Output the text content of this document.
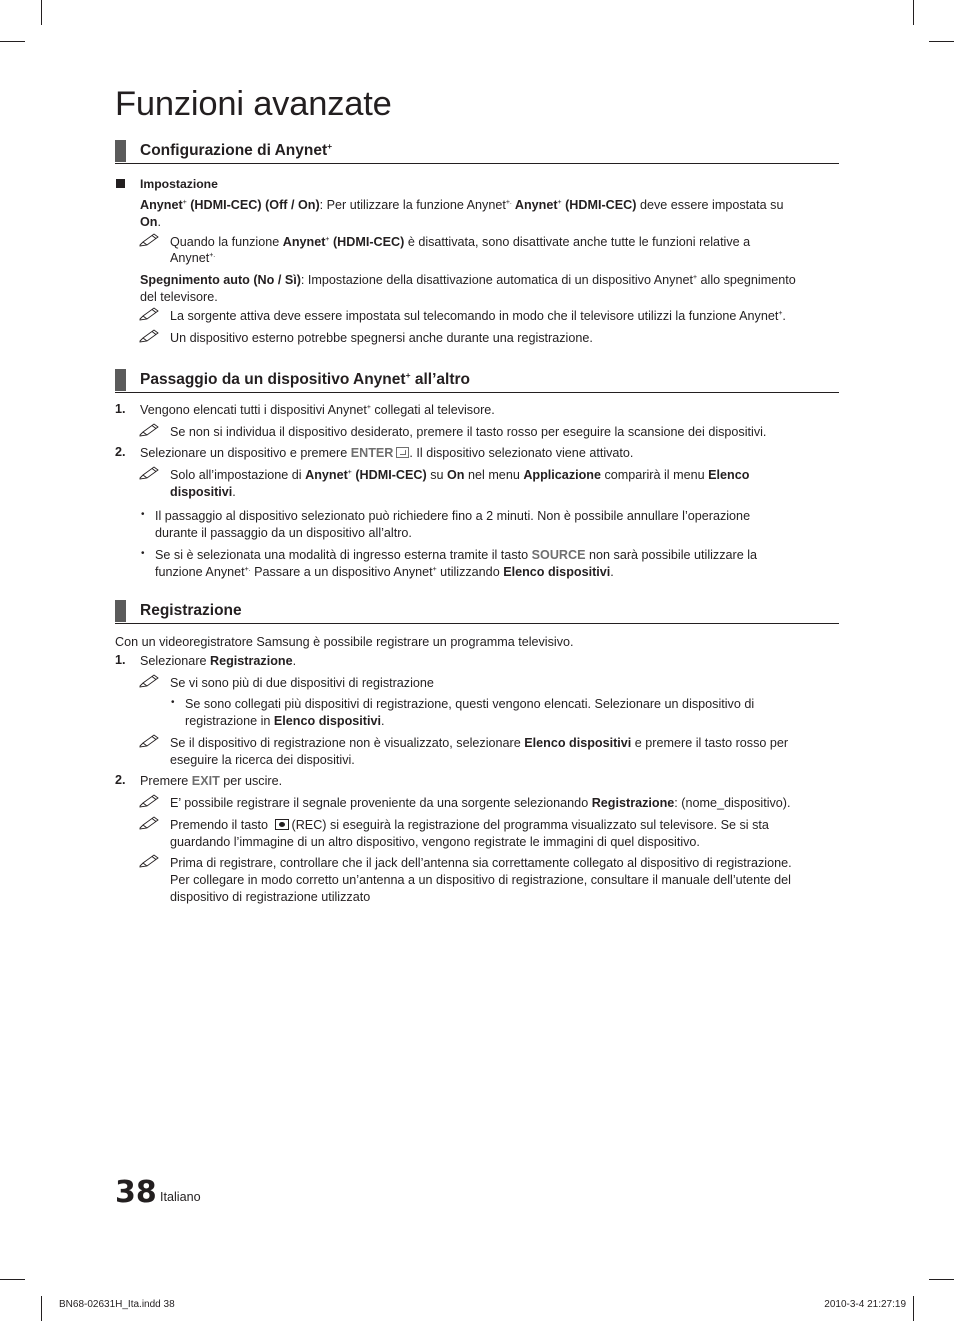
Funzioni avanzate
Configurazione di Anynet+
Impostazione
Anynet+ (HDMI-CEC) (Off / On): Per utilizzare la funzione Anynet+. Anynet+ (HDMI-CEC) deve essere impostata su
On.
Quando la funzione Anynet+ (HDMI-CEC) è disattivata, sono disattivate anche tutte le funzioni relative a
Anynet+.
Spegnimento auto (No / Sì): Impostazione della disattivazione automatica di un dispositivo Anynet+ allo spegnimento
del televisore.
La sorgente attiva deve essere impostata sul telecomando in modo che il televisore utilizzi la funzione Anynet+.
Un dispositivo esterno potrebbe spegnersi anche durante una registrazione.
Passaggio da un dispositivo Anynet+ all’altro
1. Vengono elencati tutti i dispositivi Anynet+ collegati al televisore.
Se non si individua il dispositivo desiderato, premere il tasto rosso per eseguire la scansione dei dispositivi.
2. Selezionare un dispositivo e premere ENTER . Il dispositivo selezionato viene attivato.
Solo all’impostazione di Anynet+ (HDMI-CEC) su On nel menu Applicazione comparirà il menu Elenco
dispositivi.
• Il passaggio al dispositivo selezionato può richiedere fino a 2 minuti. Non è possibile annullare l’operazione
durante il passaggio da un dispositivo all’altro.
• Se si è selezionata una modalità di ingresso esterna tramite il tasto SOURCE non sarà possibile utilizzare la
funzione Anynet+. Passare a un dispositivo Anynet+ utilizzando Elenco dispositivi.
Registrazione
Con un videoregistratore Samsung è possibile registrare un programma televisivo.
1. Selezionare Registrazione.
Se vi sono più di due dispositivi di registrazione
• Se sono collegati più dispositivi di registrazione, questi vengono elencati. Selezionare un dispositivo di
registrazione in Elenco dispositivi.
Se il dispositivo di registrazione non è visualizzato, selezionare Elenco dispositivi e premere il tasto rosso per
eseguire la ricerca dei dispositivi.
2. Premere EXIT per uscire.
E’ possibile registrare il segnale proveniente da una sorgente selezionando Registrazione: (nome_dispositivo).
Premendo il tasto (REC) si eseguirà la registrazione del programma visualizzato sul televisore. Se si sta
guardando l’immagine di un altro dispositivo, vengono registrate le immagini di quel dispositivo.
Prima di registrare, controllare che il jack dell’antenna sia correttamente collegato al dispositivo di registrazione.
Per collegare in modo corretto un’antenna a un dispositivo di registrazione, consultare il manuale dell’utente del
dispositivo di registrazione utilizzato
38 Italiano
BN68-02631H_Ita.indd 38	2010-3-4 21:27:19
